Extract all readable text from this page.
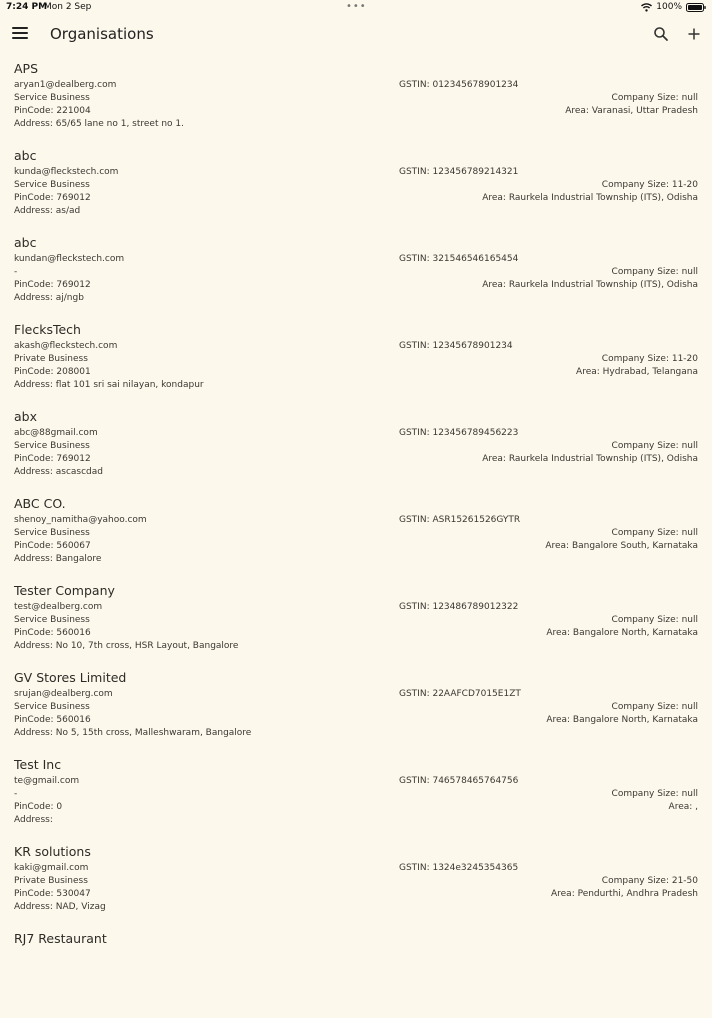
7:24 PM
Mon 2 Sep	•••	100%
Organisations
APS
aryan1@dealberg.com	GSTIN: 012345678901234
Service Business	Company Size: null
PinCode: 221004	Area: Varanasi, Uttar Pradesh
Address: 65/65 lane no 1, street no 1.
abc
kunda@fleckstech.com	GSTIN: 123456789214321
Service Business	Company Size: 11-20
PinCode: 769012	Area: Raurkela Industrial Township (ITS), Odisha
Address: as/ad
abc
kundan@fleckstech.com	GSTIN: 321546546165454
-	Company Size: null
PinCode: 769012	Area: Raurkela Industrial Township (ITS), Odisha
Address: aj/ngb
FlecksTech
akash@fleckstech.com	GSTIN: 12345678901234
Private Business	Company Size: 11-20
PinCode: 208001	Area: Hydrabad, Telangana
Address: flat 101 sri sai nilayan, kondapur
abx
abc@88gmail.com	GSTIN: 123456789456223
Service Business	Company Size: null
PinCode: 769012	Area: Raurkela Industrial Township (ITS), Odisha
Address: ascascdad
ABC CO.
shenoy_namitha@yahoo.com	GSTIN: ASR15261526GYTR
Service Business	Company Size: null
PinCode: 560067	Area: Bangalore South, Karnataka
Address: Bangalore
Tester Company
test@dealberg.com	GSTIN: 123486789012322
Service Business	Company Size: null
PinCode: 560016	Area: Bangalore North, Karnataka
Address: No 10, 7th cross, HSR Layout, Bangalore
GV Stores Limited
srujan@dealberg.com	GSTIN: 22AAFCD7015E1ZT
Service Business	Company Size: null
PinCode: 560016	Area: Bangalore North, Karnataka
Address: No 5, 15th cross, Malleshwaram, Bangalore
Test Inc
te@gmail.com	GSTIN: 746578465764756
-	Company Size: null
PinCode: 0	Area: ,
Address:
KR solutions
kaki@gmail.com	GSTIN: 1324e3245354365
Private Business	Company Size: 21-50
PinCode: 530047	Area: Pendurthi, Andhra Pradesh
Address: NAD, Vizag
RJ7 Restaurant
